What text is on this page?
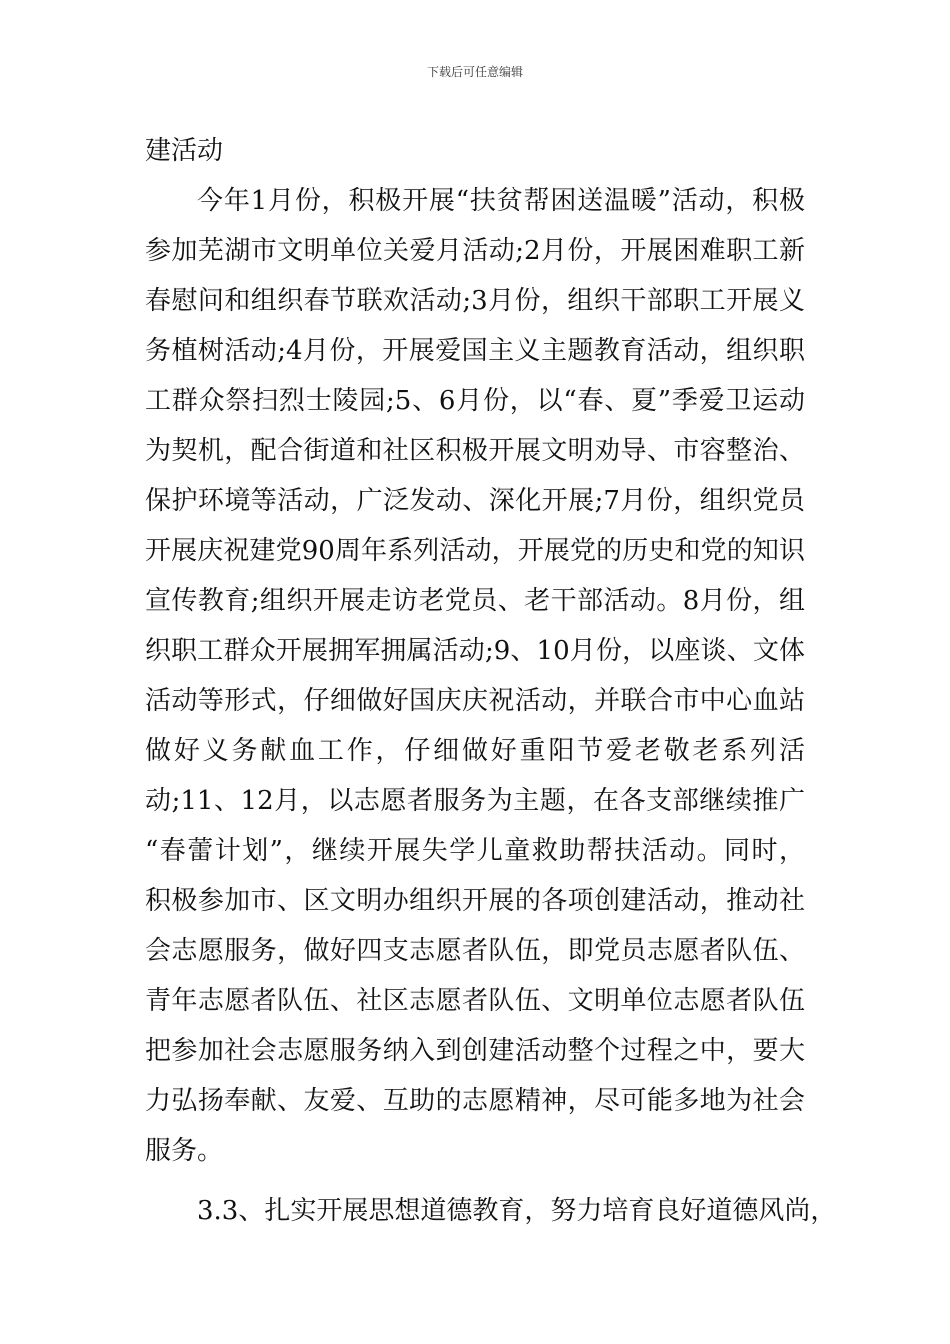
下载后可任意编辑
建活动
今年1月份，积极开展“扶贫帮困送温暖”活动，积极
参加芜湖市文明单位关爱月活动;2月份，开展困难职工新
春慰问和组织春节联欢活动;3月份，组织干部职工开展义
务植树活动;4月份，开展爱国主义主题教育活动，组织职
工群众祭扫烈士陵园;5、6月份，以“春、夏”季爱卫运动
为契机，配合街道和社区积极开展文明劝导、市容整治、
保护环境等活动，广泛发动、深化开展;7月份，组织党员
开展庆祝建党90周年系列活动，开展党的历史和党的知识
宣传教育;组织开展走访老党员、老干部活动。8月份，组
织职工群众开展拥军拥属活动;9、10月份，以座谈、文体
活动等形式，仔细做好国庆庆祝活动，并联合市中心血站
做好义务献血工作，仔细做好重阳节爱老敬老系列活
动;11、12月，以志愿者服务为主题，在各支部继续推广
“春蕾计划”，继续开展失学儿童救助帮扶活动。同时，
积极参加市、区文明办组织开展的各项创建活动，推动社
会志愿服务，做好四支志愿者队伍，即党员志愿者队伍、
青年志愿者队伍、社区志愿者队伍、文明单位志愿者队伍
把参加社会志愿服务纳入到创建活动整个过程之中，要大
力弘扬奉献、友爱、互助的志愿精神，尽可能多地为社会
服务。
3.3、扎实开展思想道德教育，努力培育良好道德风尚，
